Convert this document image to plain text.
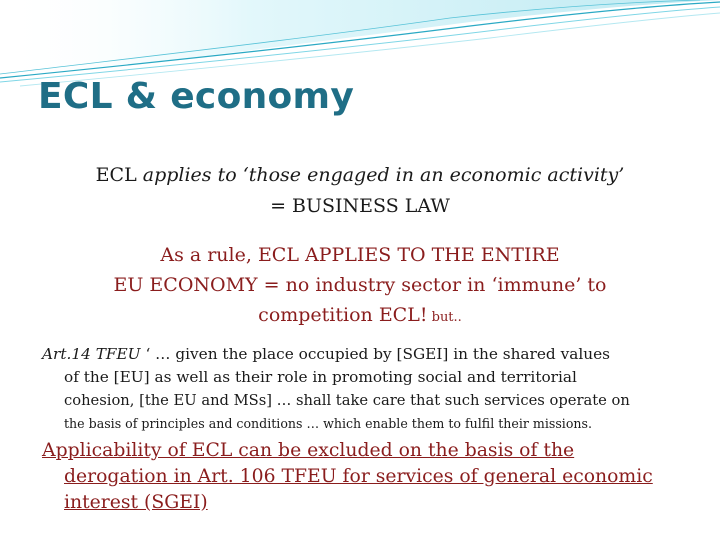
ECL & economy

ECL applies to ‘those engaged in an economic activity’
= BUSINESS LAW

As a rule, ECL APPLIES TO THE ENTIRE
EU ECONOMY = no industry sector in ‘immune’ to
competition ECL! but..

Art.14 TFEU ‘ … given the place occupied by [SGEI] in the shared values
of the [EU] as well as their role in promoting social and territorial
cohesion, [the EU and MSs] … shall take care that such services operate on
the basis of principles and conditions … which enable them to fulfil their missions.
Applicability of ECL can be excluded on the basis of the
derogation in Art. 106 TFEU for services of general economic
interest (SGEI)
